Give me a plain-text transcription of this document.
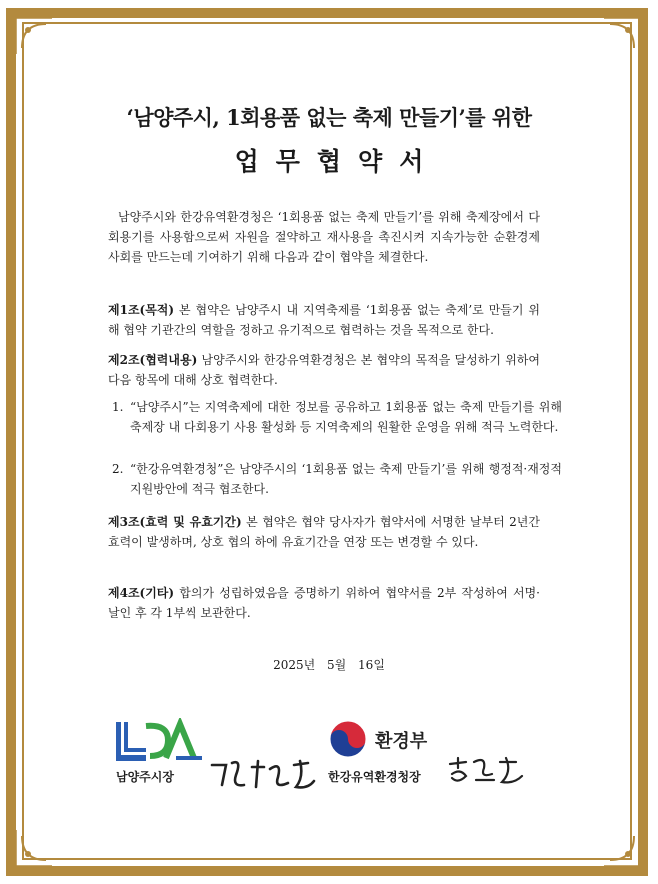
‘남양주시, 1회용품 없는 축제 만들기’를 위한
업무협약서
남양주시와 한강유역환경청은 ‘1회용품 없는 축제 만들기’를 위해 축제장에서 다회용기를 사용함으로써 자원을 절약하고 재사용을 촉진시켜 지속가능한 순환경제사회를 만드는데 기여하기 위해 다음과 같이 협약을 체결한다.
제1조(목적) 본 협약은 남양주시 내 지역축제를 ‘1회용품 없는 축제’로 만들기 위해 협약 기관간의 역할을 정하고 유기적으로 협력하는 것을 목적으로 한다.
제2조(협력내용) 남양주시와 한강유역환경청은 본 협약의 목적을 달성하기 위하여 다음 항목에 대해 상호 협력한다.
1. “남양주시”는 지역축제에 대한 정보를 공유하고 1회용품 없는 축제 만들기를 위해 축제장 내 다회용기 사용 활성화 등 지역축제의 원활한 운영을 위해 적극 노력한다.
2. “한강유역환경청”은 남양주시의 ‘1회용품 없는 축제 만들기’를 위해 행정적·재정적 지원방안에 적극 협조한다.
제3조(효력 및 유효기간) 본 협약은 협약 당사자가 협약서에 서명한 날부터 2년간 효력이 발생하며, 상호 협의 하에 유효기간을 연장 또는 변경할 수 있다.
제4조(기타) 합의가 성립하였음을 증명하기 위하여 협약서를 2부 작성하여 서명·날인 후 각 1부씩 보관한다.
2025년 5월 16일
환경부
남양주시장	한강유역환경청장
